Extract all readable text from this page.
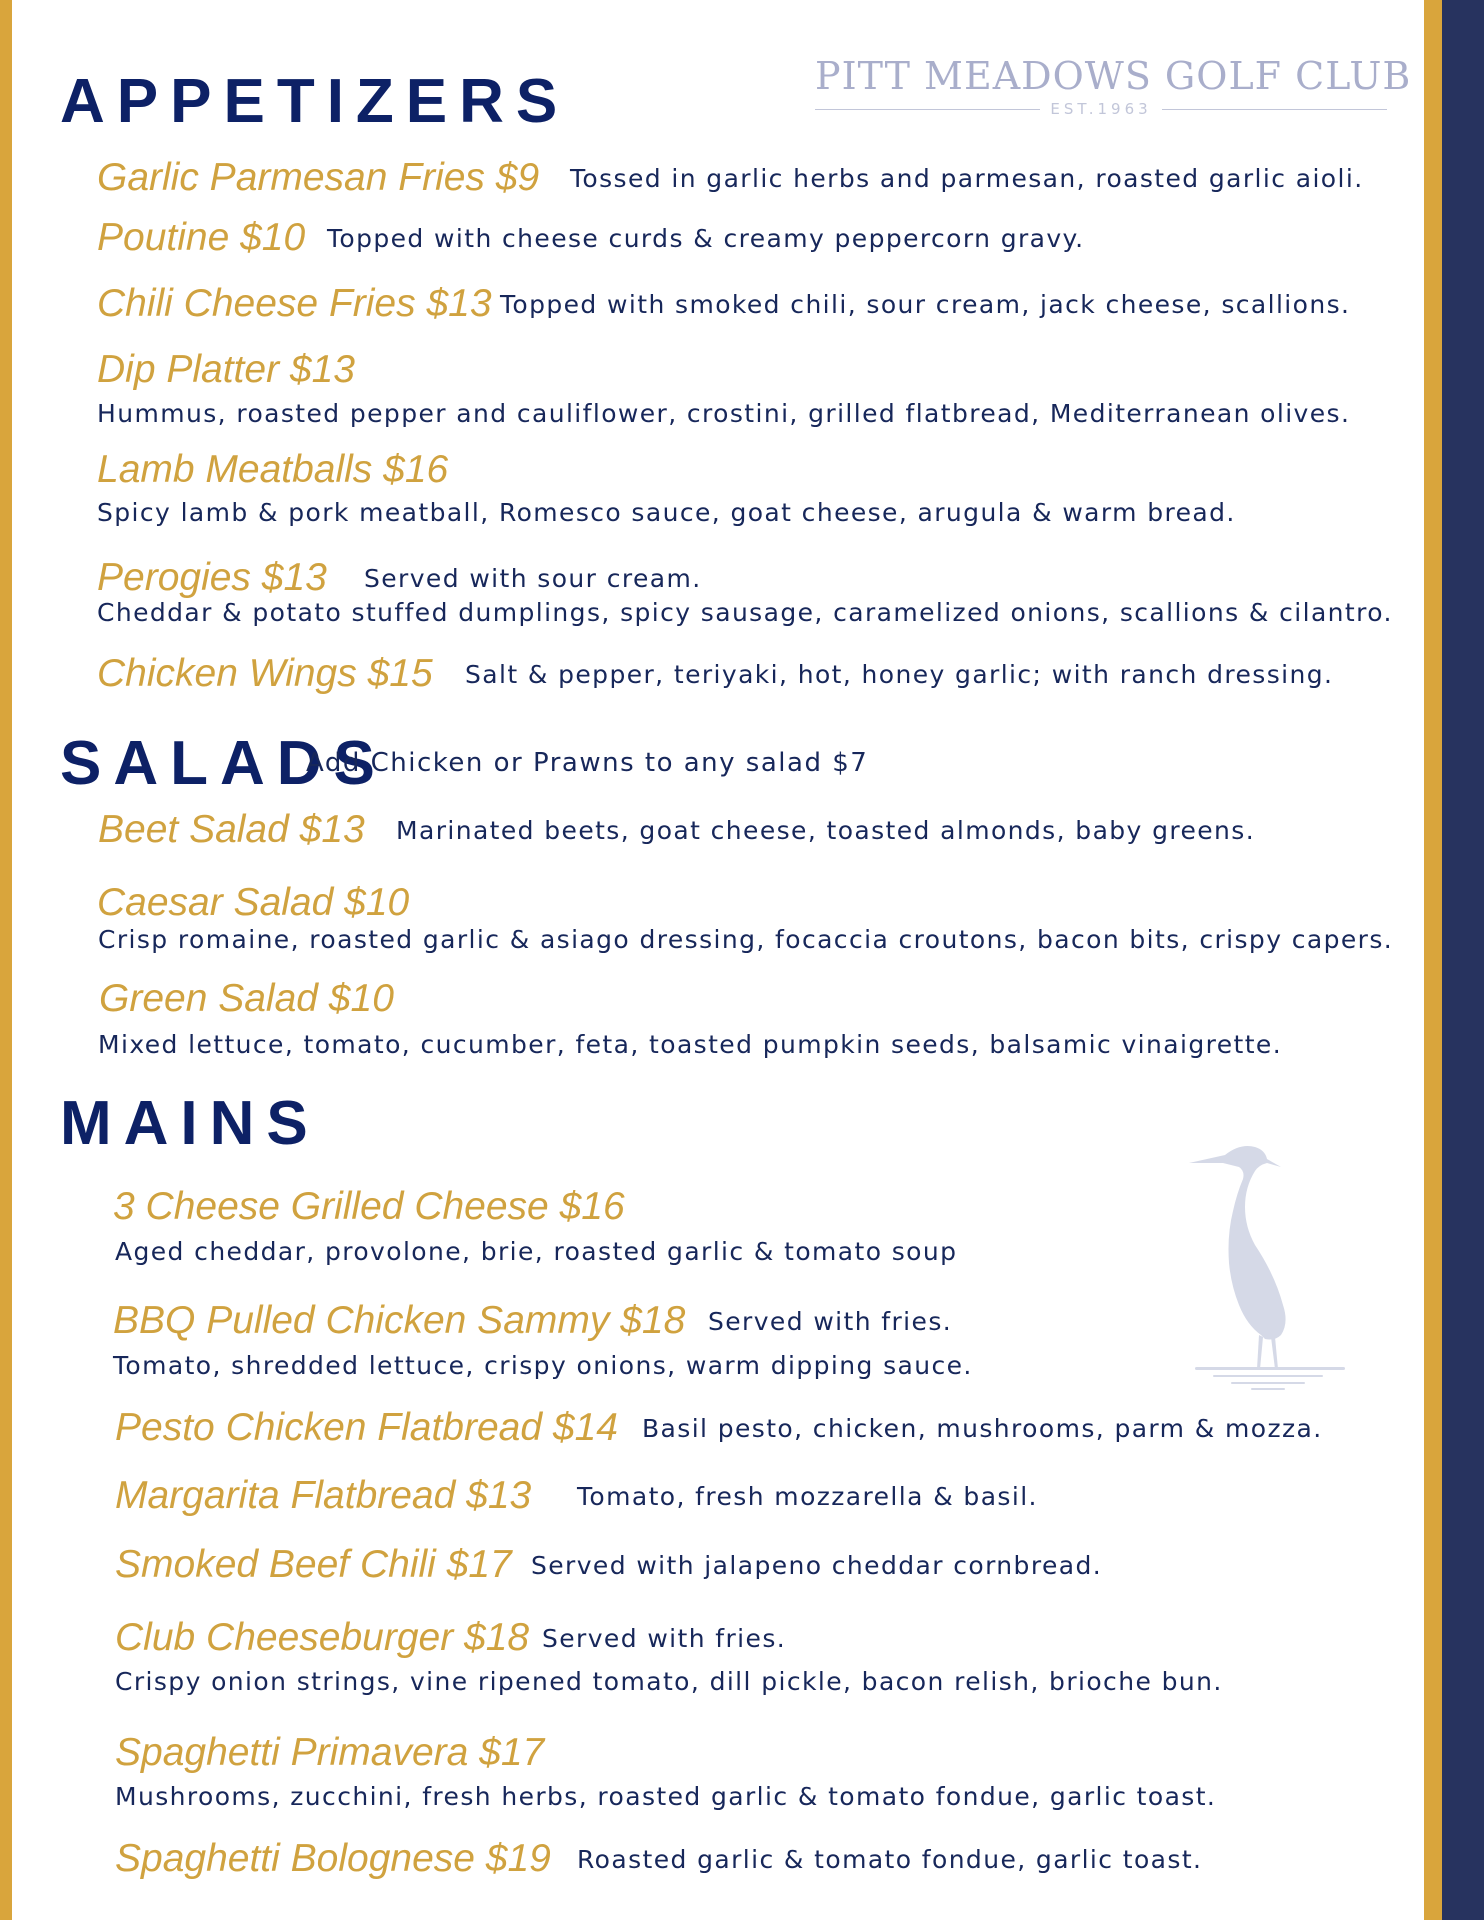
PITT MEADOWS GOLF CLUB
EST.1963
APPETIZERS
Garlic Parmesan Fries $9 Tossed in garlic herbs and parmesan, roasted garlic aioli.
Poutine $10 Topped with cheese curds & creamy peppercorn gravy.
Chili Cheese Fries $13 Topped with smoked chili, sour cream, jack cheese, scallions.
Dip Platter $13
Hummus, roasted pepper and cauliflower, crostini, grilled flatbread, Mediterranean olives.
Lamb Meatballs $16
Spicy lamb & pork meatball, Romesco sauce, goat cheese, arugula & warm bread.
Perogies $13 Served with sour cream.
Cheddar & potato stuffed dumplings, spicy sausage, caramelized onions, scallions & cilantro.
Chicken Wings $15 Salt & pepper, teriyaki, hot, honey garlic; with ranch dressing.
SALADS
Add Chicken or Prawns to any salad $7
Beet Salad $13 Marinated beets, goat cheese, toasted almonds, baby greens.
Caesar Salad $10
Crisp romaine, roasted garlic & asiago dressing, focaccia croutons, bacon bits, crispy capers.
Green Salad $10
Mixed lettuce, tomato, cucumber, feta, toasted pumpkin seeds, balsamic vinaigrette.
MAINS
3 Cheese Grilled Cheese $16
Aged cheddar, provolone, brie, roasted garlic & tomato soup
BBQ Pulled Chicken Sammy $18 Served with fries.
Tomato, shredded lettuce, crispy onions, warm dipping sauce.
Pesto Chicken Flatbread $14 Basil pesto, chicken, mushrooms, parm & mozza.
Margarita Flatbread $13 Tomato, fresh mozzarella & basil.
Smoked Beef Chili $17 Served with jalapeno cheddar cornbread.
Club Cheeseburger $18 Served with fries.
Crispy onion strings, vine ripened tomato, dill pickle, bacon relish, brioche bun.
Spaghetti Primavera $17
Mushrooms, zucchini, fresh herbs, roasted garlic & tomato fondue, garlic toast.
Spaghetti Bolognese $19 Roasted garlic & tomato fondue, garlic toast.
